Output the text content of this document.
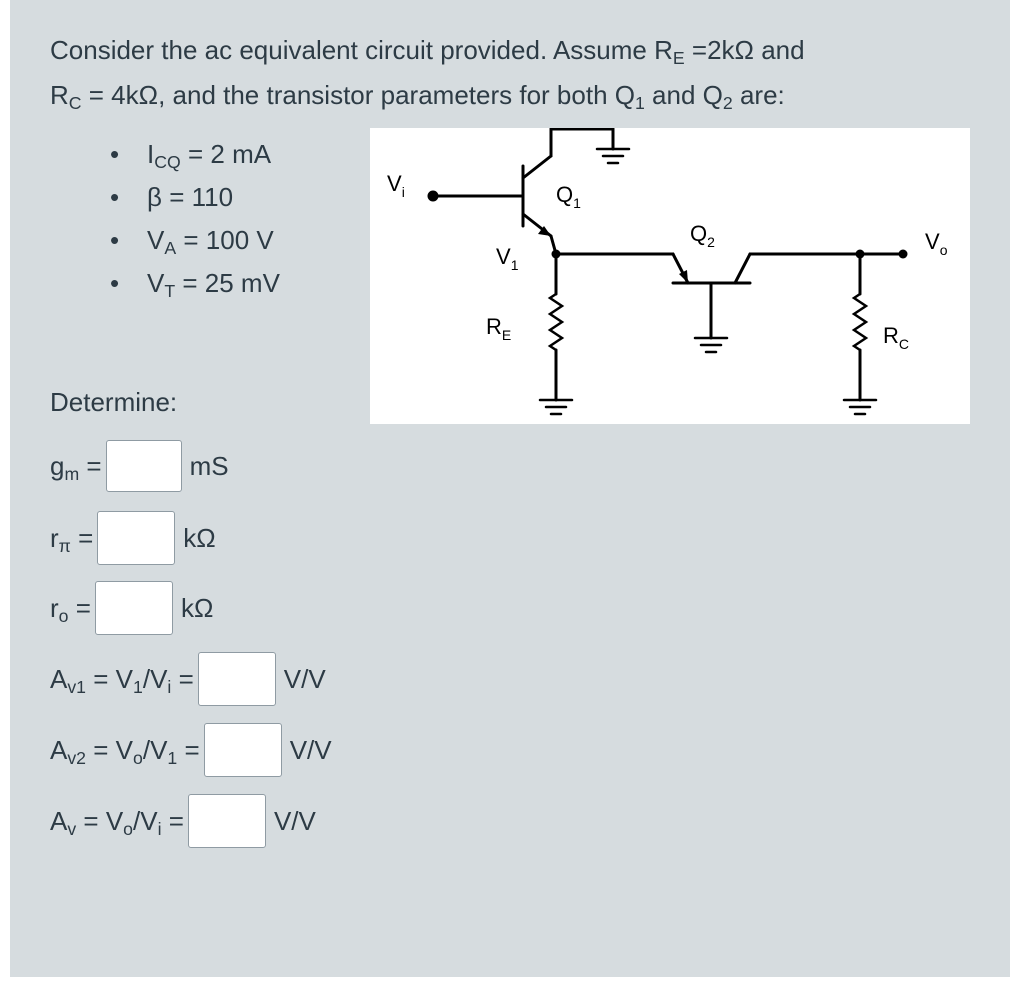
Consider the ac equivalent circuit provided. Assume $R_E =2k\Omega$ and
$R_C = 4k\Omega$, and the transistor parameters for both $Q_1$ and $Q_2$ are:

• $I_{CQ} = 2$ mA
• β = 110
• $V_A = 100$ V
• $V_T = 25$ mV
$V_i$	$Q_1$
$Q_2$
$V_1$
$V_o$
$R_E$	$R_C$

Determine:

$g_m$ =	mS
$r_\pi$ =	kΩ
$r_o$ =	kΩ
$A_{v1} = V_1/V_i$ =	V/V
$A_{v2} = V_o/V_1$ =	V/V
$A_v = V_o/V_i$ =	V/V
